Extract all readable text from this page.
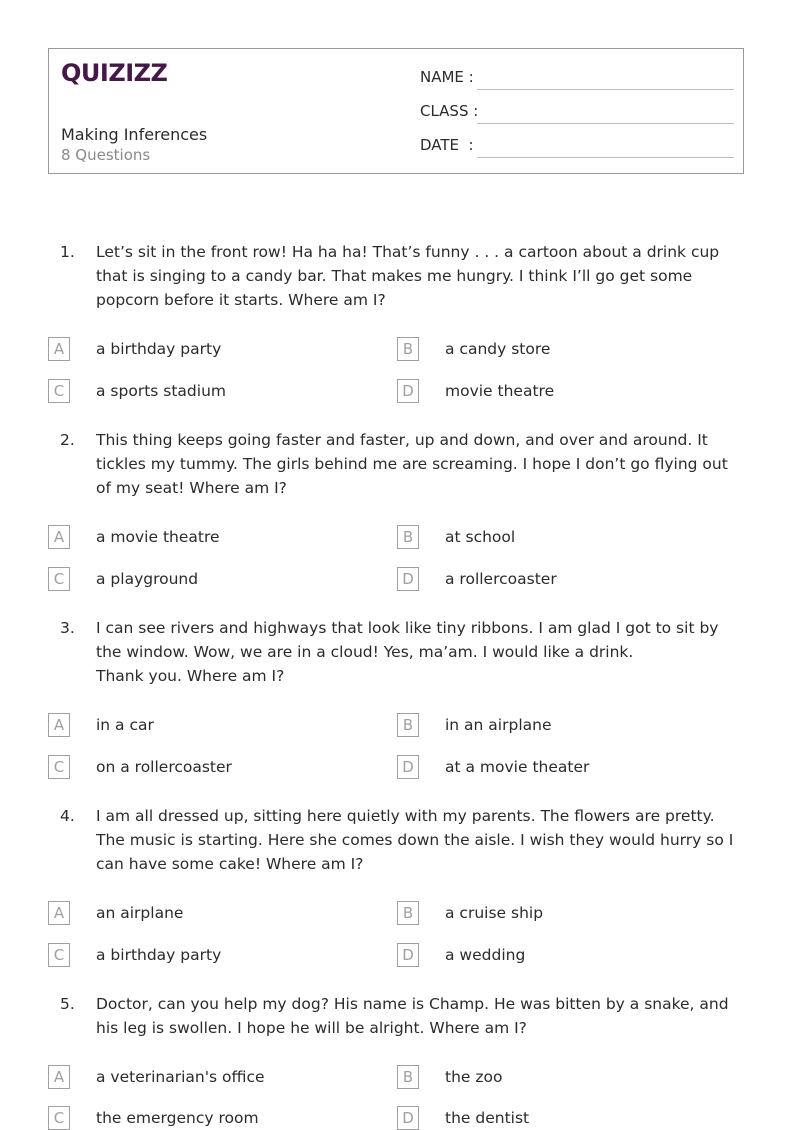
QUIZIZZ
Making Inferences
8 Questions
NAME :
CLASS :
DATE  :
1. Let’s sit in the front row! Ha ha ha! That’s funny . . . a cartoon about a drink cup that is singing to a candy bar. That makes me hungry. I think I’ll go get some popcorn before it starts. Where am I?
A	a birthday party	B	a candy store
C	a sports stadium	D	movie theatre
2. This thing keeps going faster and faster, up and down, and over and around. It tickles my tummy. The girls behind me are screaming. I hope I don’t go flying out of my seat! Where am I?
A	a movie theatre	B	at school
C	a playground	D	a rollercoaster
3. I can see rivers and highways that look like tiny ribbons. I am glad I got to sit by the window. Wow, we are in a cloud! Yes, ma’am. I would like a drink.
Thank you. Where am I?
A	in a car	B	in an airplane
C	on a rollercoaster	D	at a movie theater
4. I am all dressed up, sitting here quietly with my parents. The flowers are pretty. The music is starting. Here she comes down the aisle. I wish they would hurry so I can have some cake! Where am I?
A	an airplane	B	a cruise ship
C	a birthday party	D	a wedding
5. Doctor, can you help my dog? His name is Champ. He was bitten by a snake, and his leg is swollen. I hope he will be alright. Where am I?
A	a veterinarian's office	B	the zoo
C	the emergency room	D	the dentist
